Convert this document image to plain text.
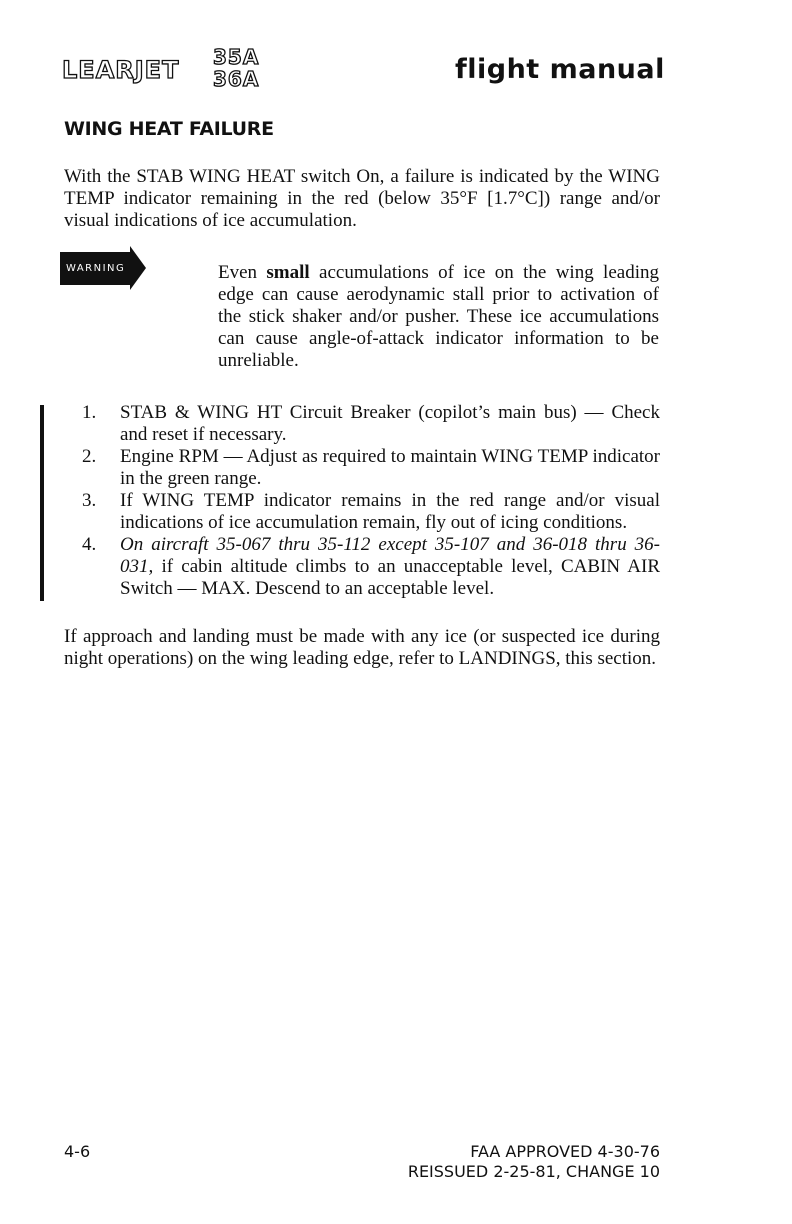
LEARJET 35A
36A	flight manual
WING HEAT FAILURE
With the STAB WING HEAT switch On, a failure is indicated by the WING TEMP indicator remaining in the red (below 35°F [1.7°C]) range and/or visual indications of ice accumulation.
WARNING	Even small accumulations of ice on the wing leading edge can cause aerodynamic stall prior to activation of the stick shaker and/or pusher. These ice accumulations can cause angle-of-attack indicator information to be unreliable.
1.	STAB & WING HT Circuit Breaker (copilot’s main bus) — Check and reset if necessary.
2.	Engine RPM — Adjust as required to maintain WING TEMP indicator in the green range.
3.	If WING TEMP indicator remains in the red range and/or visual indications of ice accumulation remain, fly out of icing conditions.
4.	On aircraft 35-067 thru 35-112 except 35-107 and 36-018 thru 36-031, if cabin altitude climbs to an unacceptable level, CABIN AIR Switch — MAX. Descend to an acceptable level.
If approach and landing must be made with any ice (or suspected ice during night operations) on the wing leading edge, refer to LANDINGS, this section.
4-6	FAA APPROVED 4-30-76
REISSUED 2-25-81, CHANGE 10
